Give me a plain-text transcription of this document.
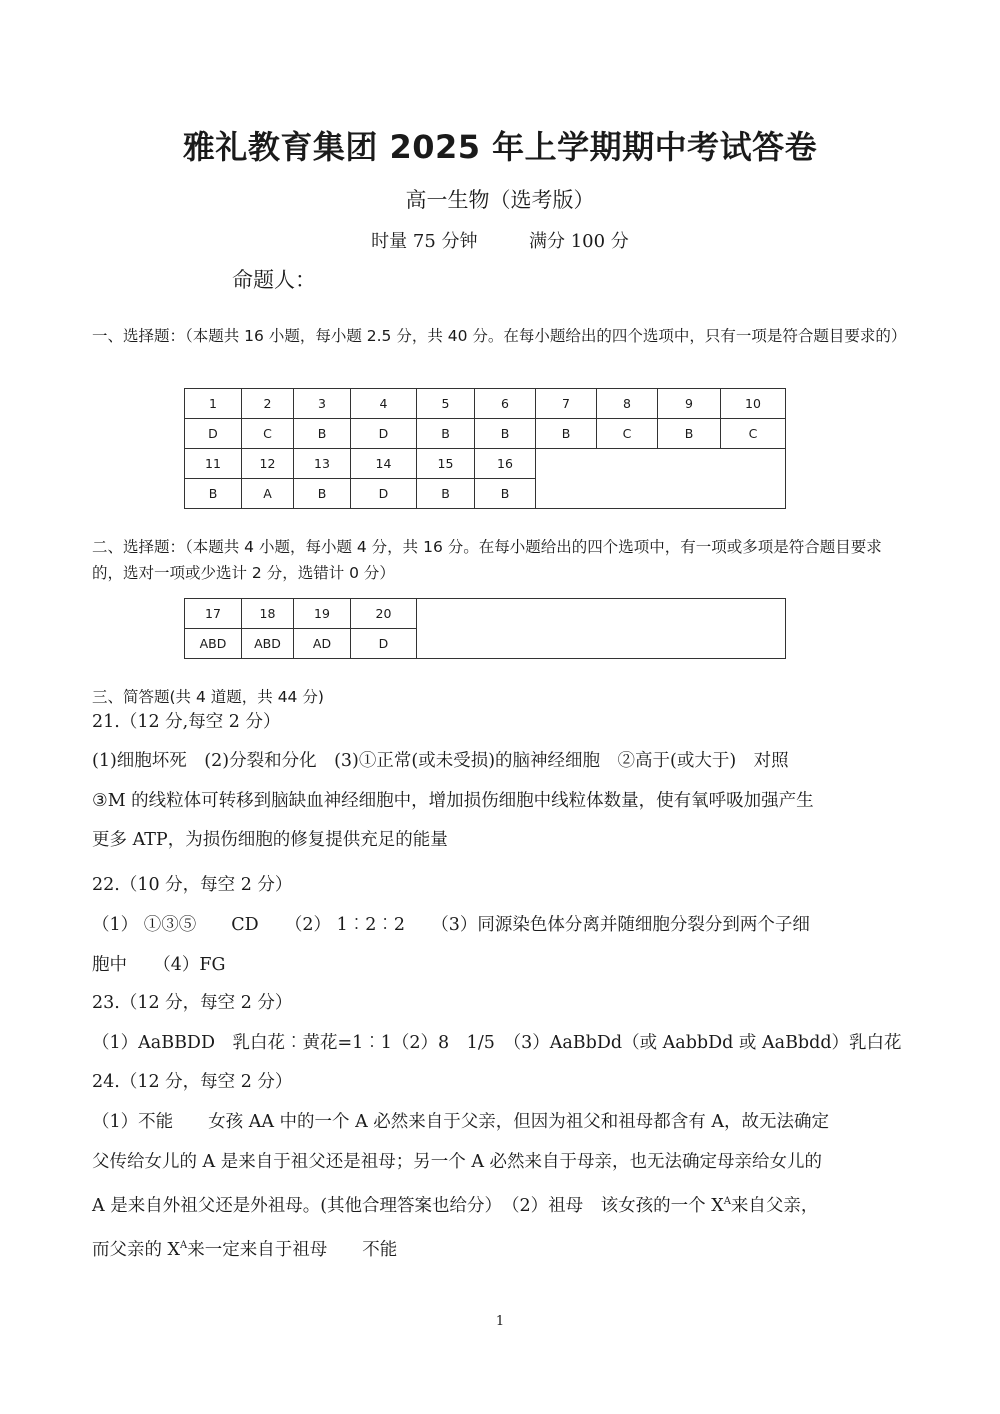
雅礼教育集团 2025 年上学期期中考试答卷
高一生物（选考版）
时量 75 分钟	满分 100 分
命题人：
一、选择题：（本题共 16 小题，每小题 2.5 分，共 40 分。在每小题给出的四个选项中，只有一项是符合题目要求的）
1	2	3	4	5	6	7	8	9	10
D	C	B	D	B	B	B	C	B	C
11	12	13	14	15	16				
B	A	B	D	B	B				
二、选择题：（本题共 4 小题，每小题 4 分，共 16 分。在每小题给出的四个选项中，有一项或多项是符合题目要求的，选对一项或少选计 2 分，选错计 0 分）
17	18	19	20	
ABD	ABD	AD	D	
三、简答题(共 4 道题，共 44 分)
21.（12 分,每空 2 分）
(1)细胞坏死　(2)分裂和分化　(3)①正常(或未受损)的脑神经细胞　②高于(或大于)　对照
③M 的线粒体可转移到脑缺血神经细胞中，增加损伤细胞中线粒体数量，使有氧呼吸加强产生
更多 ATP，为损伤细胞的修复提供充足的能量
22.（10 分，每空 2 分）
（1） ①③⑤　　CD　　（2） 1︰2︰2　　（3）同源染色体分离并随细胞分裂分到两个子细
胞中　　（4）FG
23.（12 分，每空 2 分）
（1）AaBBDD　乳白花︰黄花=1︰1（2）8　1/5　（3）AaBbDd（或 AabbDd 或 AaBbdd）乳白花
24.（12 分，每空 2 分）
（1）不能　　女孩 AA 中的一个 A 必然来自于父亲，但因为祖父和祖母都含有 A，故无法确定
父传给女儿的 A 是来自于祖父还是祖母；另一个 A 必然来自于母亲，也无法确定母亲给女儿的
A 是来自外祖父还是外祖母。(其他合理答案也给分）　（2）祖母　该女孩的一个 $X^A$来自父亲，
而父亲的 $X^A$来一定来自于祖母　　不能
1
